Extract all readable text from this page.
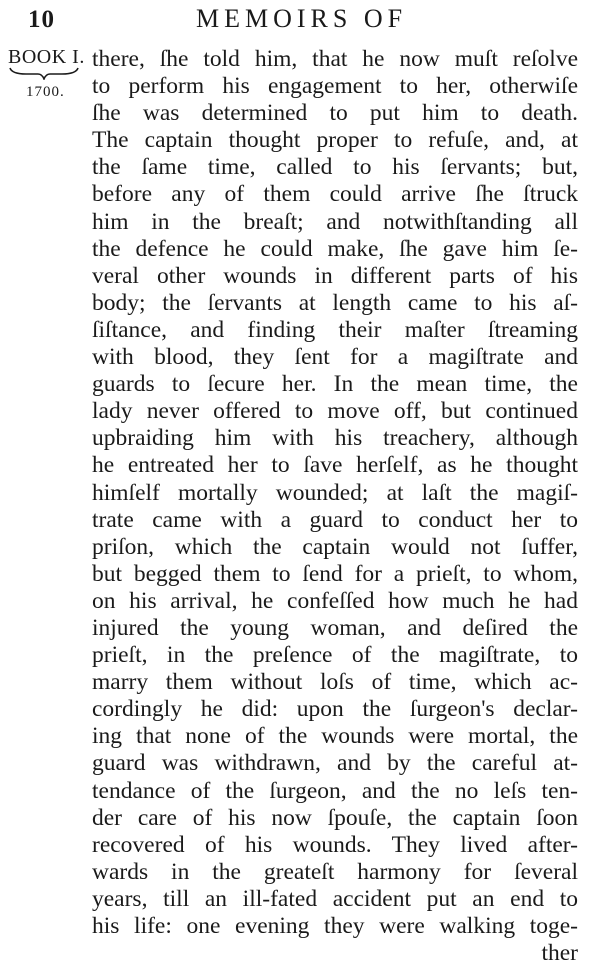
10	MEMOIRS OF
BOOK I.
1700.
there, ſhe told him, that he now muſt reſolve
to perform his engagement to her, otherwiſe
ſhe was determined to put him to death.
The captain thought proper to refuſe, and, at
the ſame time, called to his ſervants; but,
before any of them could arrive ſhe ſtruck
him in the breaſt; and notwithſtanding all
the defence he could make, ſhe gave him ſe-
veral other wounds in different parts of his
body; the ſervants at length came to his aſ-
ſiſtance, and finding their maſter ſtreaming
with blood, they ſent for a magiſtrate and
guards to ſecure her. In the mean time, the
lady never offered to move off, but continued
upbraiding him with his treachery, although
he entreated her to ſave herſelf, as he thought
himſelf mortally wounded; at laſt the magiſ-
trate came with a guard to conduct her to
priſon, which the captain would not ſuffer,
but begged them to ſend for a prieſt, to whom,
on his arrival, he confeſſed how much he had
injured the young woman, and deſired the
prieſt, in the preſence of the magiſtrate, to
marry them without loſs of time, which ac-
cordingly he did: upon the ſurgeon's declar-
ing that none of the wounds were mortal, the
guard was withdrawn, and by the careful at-
tendance of the ſurgeon, and the no leſs ten-
der care of his now ſpouſe, the captain ſoon
recovered of his wounds. They lived after-
wards in the greateſt harmony for ſeveral
years, till an ill-fated accident put an end to
his life: one evening they were walking toge-
ther
